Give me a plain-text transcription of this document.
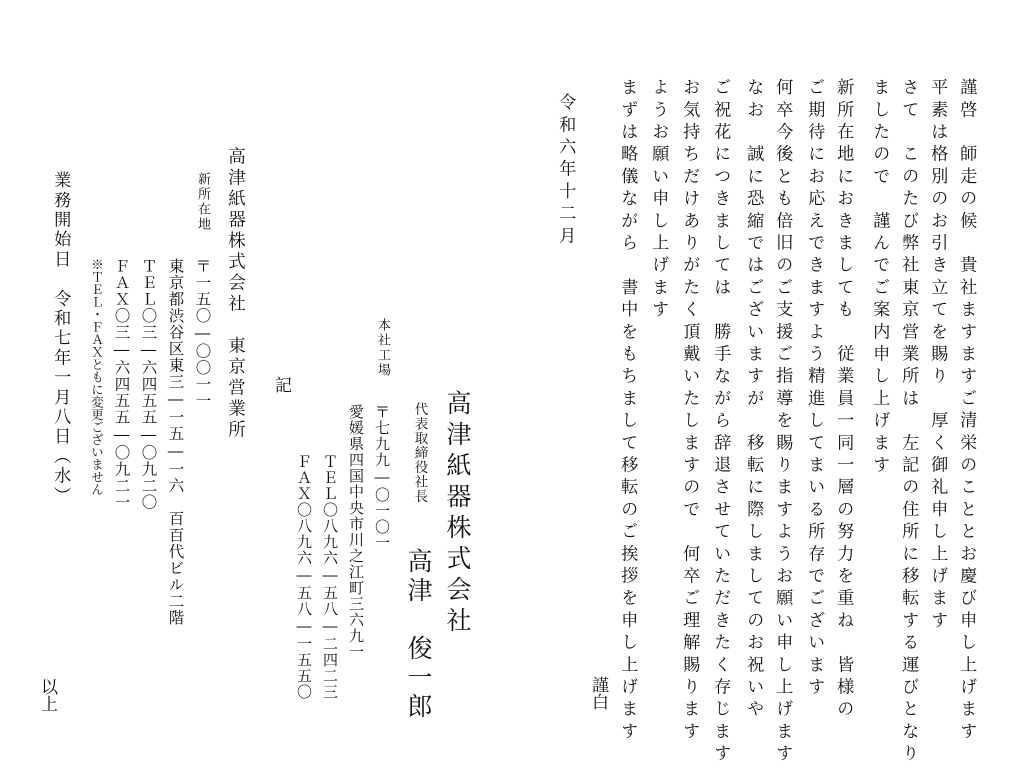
謹啓　師走の候　貴社ますますご清栄のこととお慶び申し上げます
平素は格別のお引き立てを賜り　厚く御礼申し上げます
さて　このたび弊社東京営業所は　左記の住所に移転する運びとなり
ましたので　謹んでご案内申し上げます
新所在地におきましても　従業員一同一層の努力を重ね　皆様の
ご期待にお応えできますよう精進してまいる所存でございます
何卒今後とも倍旧のご支援ご指導を賜りますようお願い申し上げます
なお　誠に恐縮ではございますが　移転に際しましてのお祝いや
ご祝花につきましては　勝手ながら辞退させていただきたく存じます
お気持ちだけありがたく頂戴いたしますので　何卒ご理解賜ります
ようお願い申し上げます
まずは略儀ながら　書中をもちまして移転のご挨拶を申し上げます
謹白
令和六年十二月
本社工場
高津紙器株式会社
代表取締役社長
高津　俊一郎
〒七九九―〇一〇一
愛媛県四国中央市川之江町三六九一
ＴＥＬ〇八九六―五八―二四二三
ＦＡＸ〇八九六―五八―一五五〇
記
高津紙器株式会社　東京営業所
新所在地
〒一五〇―〇〇一一
東京都渋谷区東三―一五―一六　百百代ビル二階
ＴＥＬ〇三―六四五五―〇九二〇
ＦＡＸ〇三―六四五五―〇九二一
※ＴＥＬ・ＦＡＸともに変更ございません
業務開始日　令和七年一月八日（水）
以上
